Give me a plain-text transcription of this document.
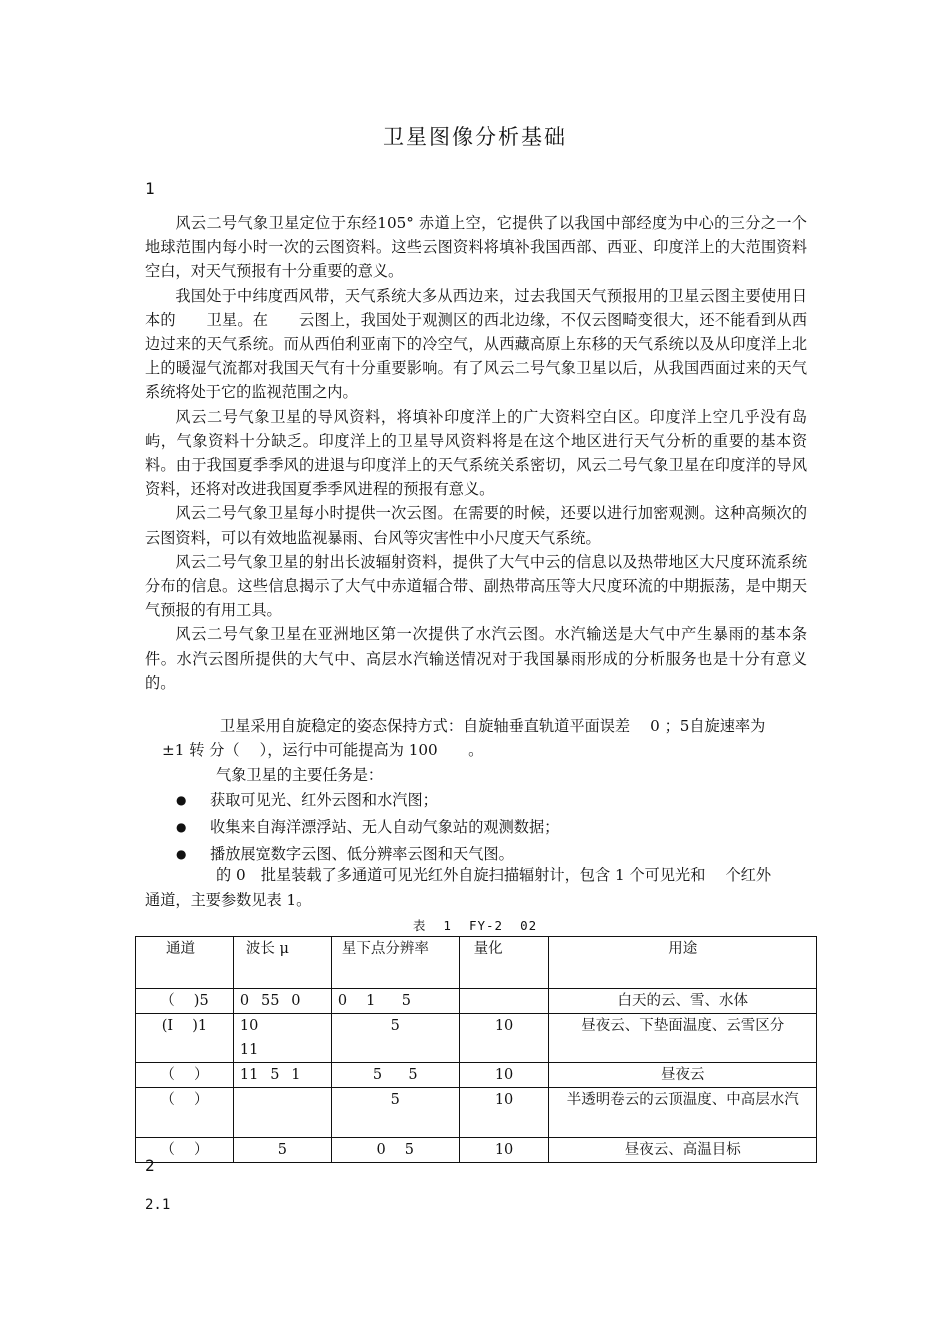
卫星图像分析基础
1　　　　　　　　

风云二号气象卫星定位于东经105° 赤道上空，它提供了以我国中部经度为中心的三分之一个地球范围内每小时一次的云图资料。这些云图资料将填补我国西部、西亚、印度洋上的大范围资料空白，对天气预报有十分重要的意义。

我国处于中纬度西风带，天气系统大多从西边来，过去我国天气预报用的卫星云图主要使用日本的　　卫星。在　　云图上，我国处于观测区的西北边缘，不仅云图畸变很大，还不能看到从西边过来的天气系统。而从西伯利亚南下的冷空气，从西藏高原上东移的天气系统以及从印度洋上北上的暖湿气流都对我国天气有十分重要影响。有了风云二号气象卫星以后，从我国西面过来的天气系统将处于它的监视范围之内。

风云二号气象卫星的导风资料，将填补印度洋上的广大资料空白区。印度洋上空几乎没有岛屿，气象资料十分缺乏。印度洋上的卫星导风资料将是在这个地区进行天气分析的重要的基本资料。由于我国夏季季风的进退与印度洋上的天气系统关系密切，风云二号气象卫星在印度洋的导风资料，还将对改进我国夏季季风进程的预报有意义。

风云二号气象卫星每小时提供一次云图。在需要的时候，还要以进行加密观测。这种高频次的云图资料，可以有效地监视暴雨、台风等灾害性中小尺度天气系统。

风云二号气象卫星的射出长波辐射资料，提供了大气中云的信息以及热带地区大尺度环流系统分布的信息。这些信息揭示了大气中赤道辐合带、副热带高压等大尺度环流的中期振荡，是中期天气预报的有用工具。

风云二号气象卫星在亚洲地区第一次提供了水汽云图。水汽输送是大气中产生暴雨的基本条件。水汽云图所提供的大气中、高层水汽输送情况对于我国暴雨形成的分析服务也是十分有意义的。

卫星采用自旋稳定的姿态保持方式：自旋轴垂直轨道平面误差　 0 ；5自旋速率为
±1 转 分（　 ），运行中可能提高为 100　　。
气象卫星的主要任务是：
● 获取可见光、红外云图和水汽图；
● 收集来自海洋漂浮站、无人自动气象站的观测数据；
● 播放展宽数字云图、低分辨率云图和天气图。
的 0　批星装载了多通道可见光红外自旋扫描辐射计，包含 1 个可见光和　 个红外
通道，主要参数见表 1。
表  1  FY-2  02　　　　　　　　
通道	波长 μ	星下点分辨率	量化	用途
（　 )5	0  55  0	0   1    5		白天的云、雪、水体
(I　 )1	10　　　 11	5	10	昼夜云、下垫面温度、云雪区分
（　 ）	11  5  1	5　  5	10	昼夜云
（　 ）		5	10	半透明卷云的云顶温度、中高层水汽
（　 ）	5	0　 5	10	昼夜云、高温目标
2　　　　　　　　
2.1 　　　
